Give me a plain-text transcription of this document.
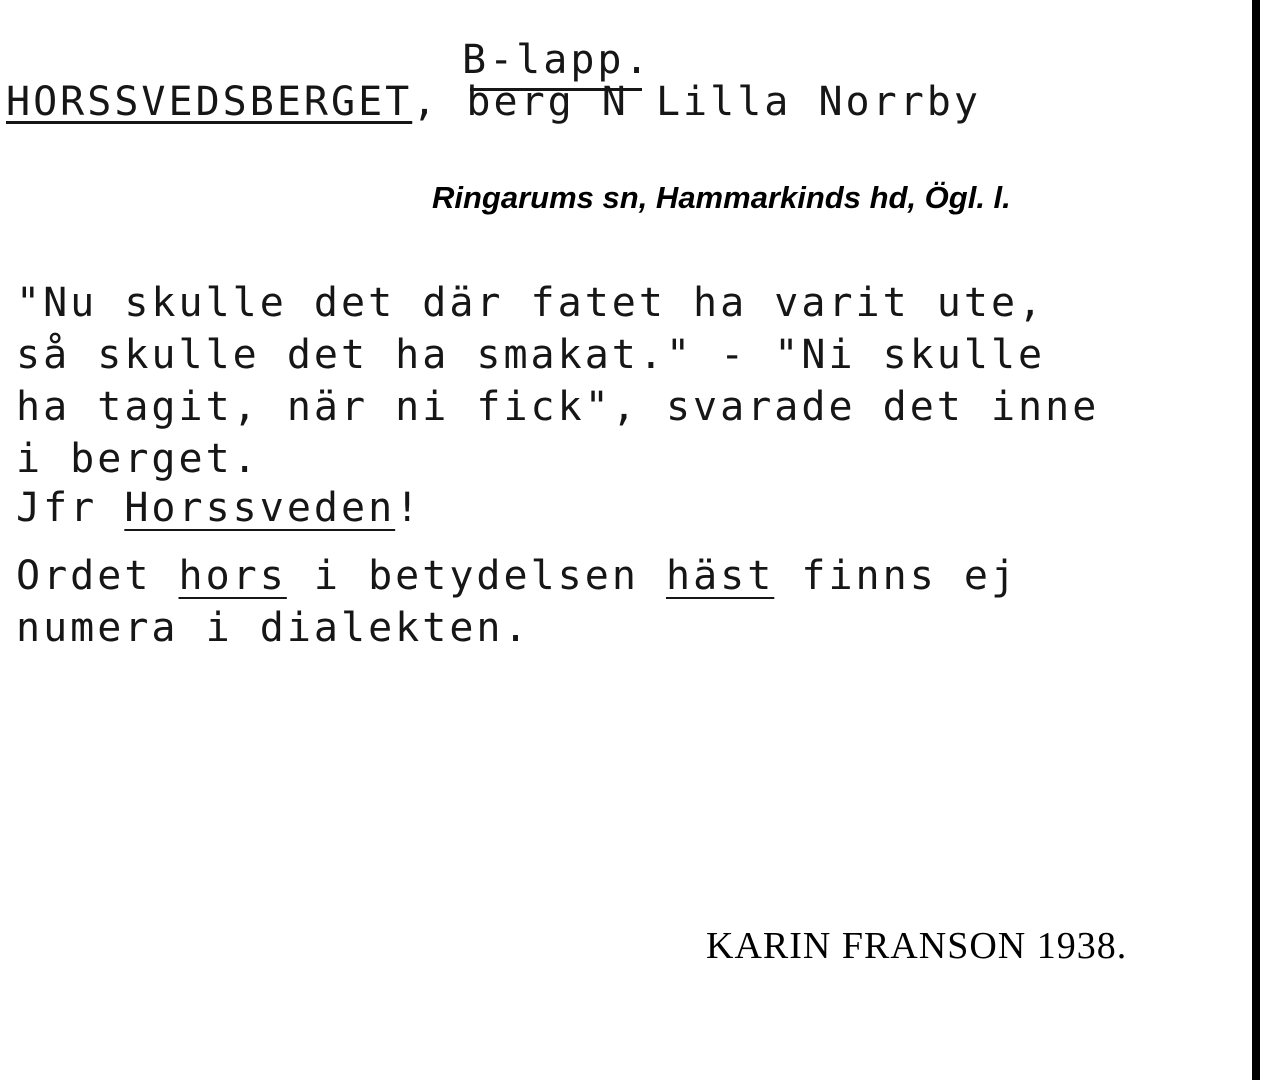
B-lapp.
HORSSVEDSBERGET, berg N Lilla Norrby
Ringarums sn, Hammarkinds hd, Ögl. l.
"Nu skulle det där fatet ha varit ute,
så skulle det ha smakat." - "Ni skulle
ha tagit, när ni fick", svarade det inne
i berget.
Jfr Horssveden!
Ordet hors i betydelsen häst finns ej
numera i dialekten.
KARIN FRANSON 1938.
